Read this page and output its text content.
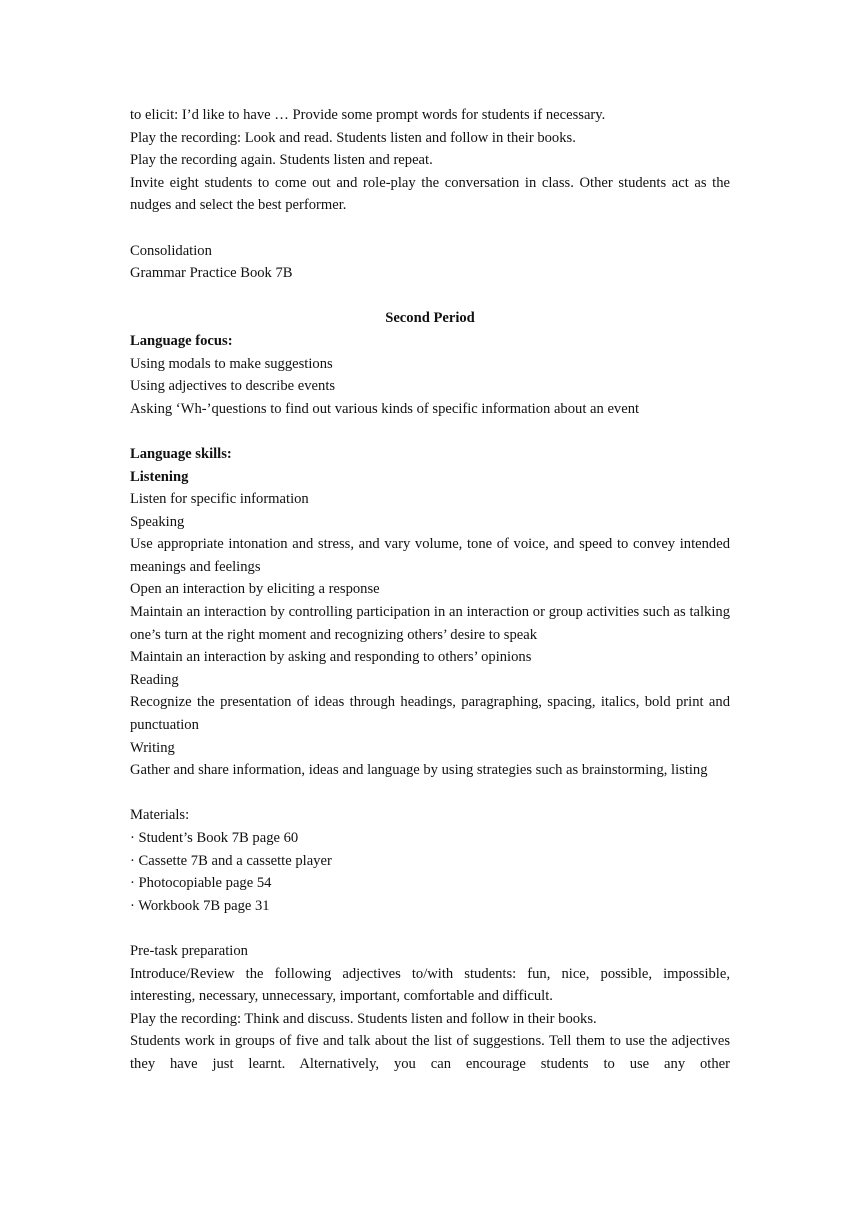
to elicit: I’d like to have … Provide some prompt words for students if necessary.

Play the recording: Look and read. Students listen and follow in their books.

Play the recording again. Students listen and repeat.

Invite eight students to come out and role-play the conversation in class. Other students act as the nudges and select the best performer.

Consolidation

Grammar Practice Book 7B

Second Period

Language focus:

Using modals to make suggestions

Using adjectives to describe events

Asking ‘Wh-’questions to find out various kinds of specific information about an event

Language skills:

Listening

Listen for specific information

Speaking

Use appropriate intonation and stress, and vary volume, tone of voice, and speed to convey intended meanings and feelings

Open an interaction by eliciting a response

Maintain an interaction by controlling participation in an interaction or group activities such as talking one’s turn at the right moment and recognizing others’ desire to speak

Maintain an interaction by asking and responding to others’ opinions

Reading

Recognize the presentation of ideas through headings, paragraphing, spacing, italics, bold print and punctuation

Writing

Gather and share information, ideas and language by using strategies such as brainstorming, listing

Materials:

· Student’s Book 7B page 60

· Cassette 7B and a cassette player

· Photocopiable page 54

· Workbook 7B page 31

Pre-task preparation

Introduce/Review the following adjectives to/with students: fun, nice, possible, impossible, interesting, necessary, unnecessary, important, comfortable and difficult.

Play the recording: Think and discuss. Students listen and follow in their books.

Students work in groups of five and talk about the list of suggestions. Tell them to use the adjectives they have just learnt. Alternatively, you can encourage students to use any other
